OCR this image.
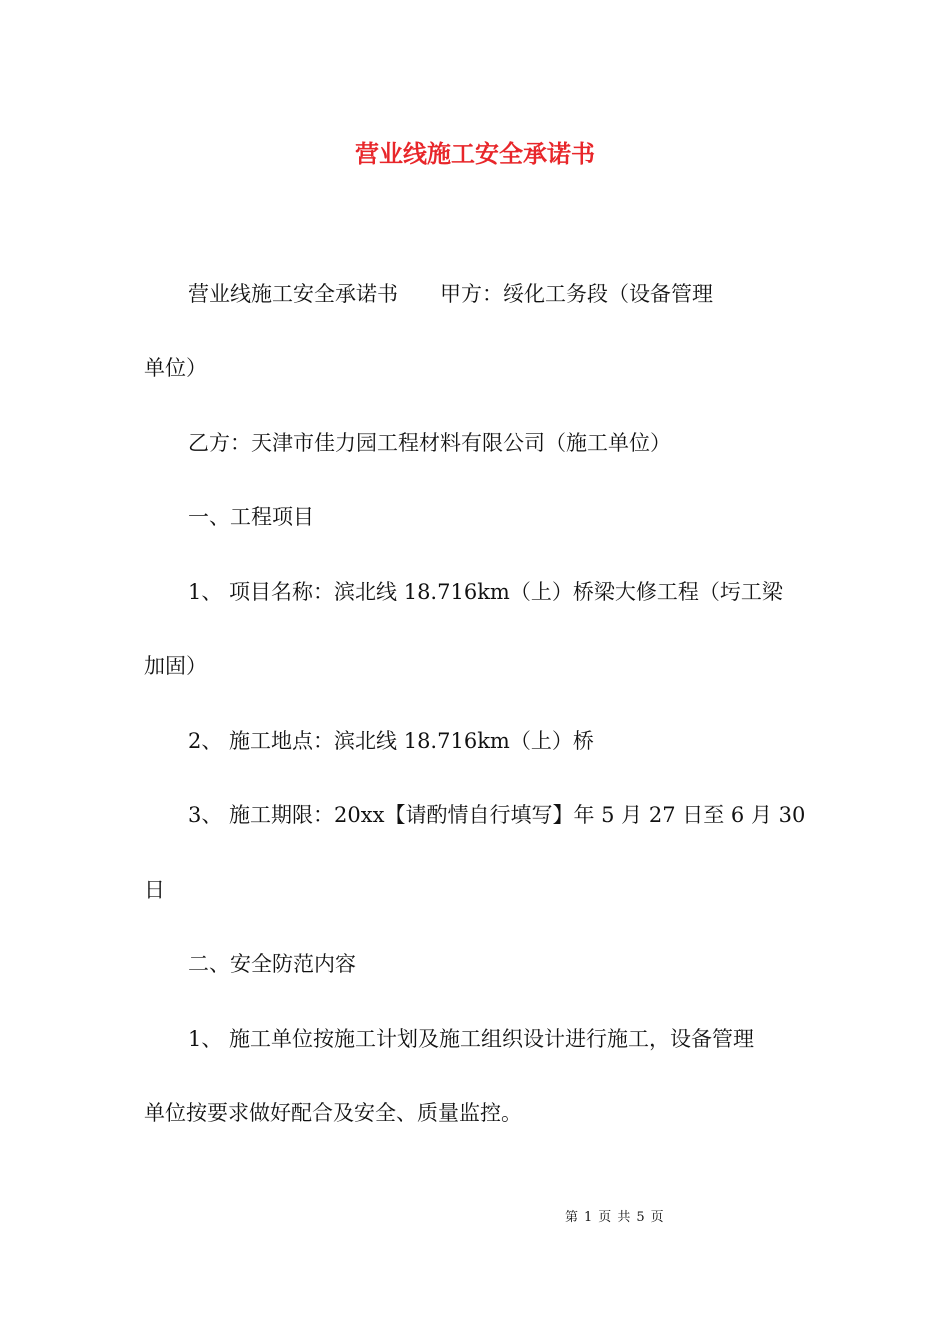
营业线施工安全承诺书
营业线施工安全承诺书　　甲方：绥化工务段（设备管理
单位）
乙方：天津市佳力园工程材料有限公司（施工单位）
一、工程项目
1、 项目名称：滨北线 18.716km（上）桥梁大修工程（圬工梁
加固）
2、 施工地点：滨北线 18.716km（上）桥
3、 施工期限：20xx【请酌情自行填写】年 5 月 27 日至 6 月 30
日
二、安全防范内容
1、 施工单位按施工计划及施工组织设计进行施工，设备管理
单位按要求做好配合及安全、质量监控。
第 1 页 共 5 页
